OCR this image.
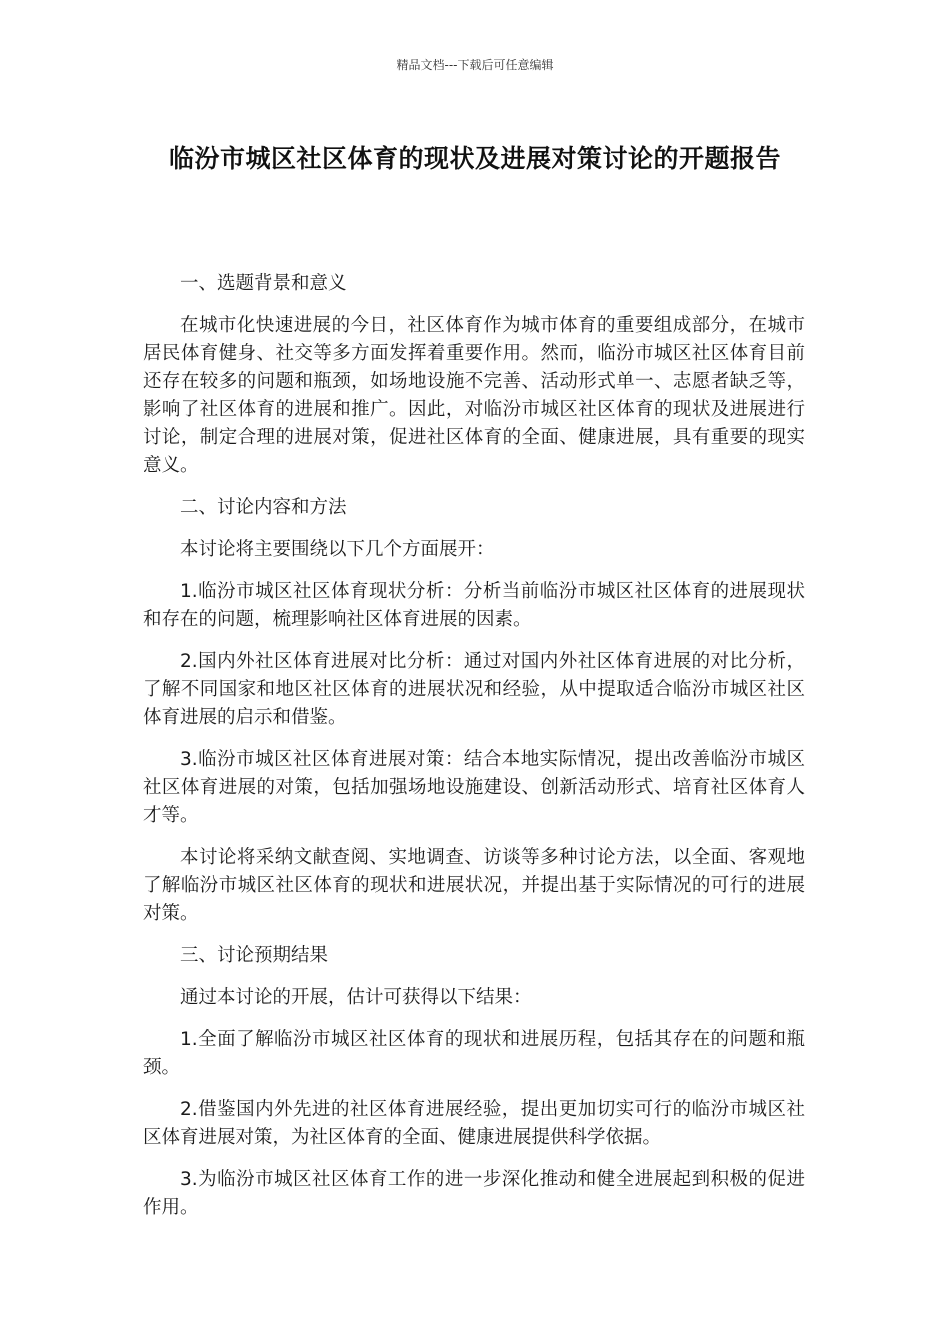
精品文档---下载后可任意编辑
临汾市城区社区体育的现状及进展对策讨论的开题报告

一、选题背景和意义

在城市化快速进展的今日，社区体育作为城市体育的重要组成部分，在城市居民体育健身、社交等多方面发挥着重要作用。然而，临汾市城区社区体育目前还存在较多的问题和瓶颈，如场地设施不完善、活动形式单一、志愿者缺乏等，影响了社区体育的进展和推广。因此，对临汾市城区社区体育的现状及进展进行讨论，制定合理的进展对策，促进社区体育的全面、健康进展，具有重要的现实意义。

二、讨论内容和方法

本讨论将主要围绕以下几个方面展开：

1.临汾市城区社区体育现状分析：分析当前临汾市城区社区体育的进展现状和存在的问题，梳理影响社区体育进展的因素。

2.国内外社区体育进展对比分析：通过对国内外社区体育进展的对比分析，了解不同国家和地区社区体育的进展状况和经验，从中提取适合临汾市城区社区体育进展的启示和借鉴。

3.临汾市城区社区体育进展对策：结合本地实际情况，提出改善临汾市城区社区体育进展的对策，包括加强场地设施建设、创新活动形式、培育社区体育人才等。

本讨论将采纳文献查阅、实地调查、访谈等多种讨论方法，以全面、客观地了解临汾市城区社区体育的现状和进展状况，并提出基于实际情况的可行的进展对策。

三、讨论预期结果

通过本讨论的开展，估计可获得以下结果：

1.全面了解临汾市城区社区体育的现状和进展历程，包括其存在的问题和瓶颈。

2.借鉴国内外先进的社区体育进展经验，提出更加切实可行的临汾市城区社区体育进展对策，为社区体育的全面、健康进展提供科学依据。

3.为临汾市城区社区体育工作的进一步深化推动和健全进展起到积极的促进作用。
